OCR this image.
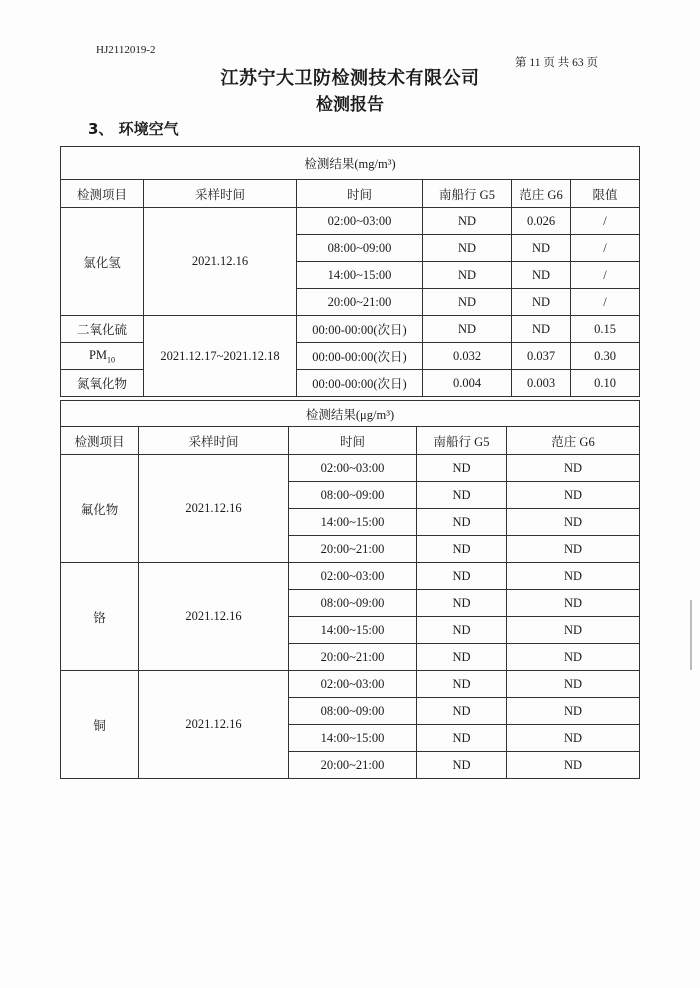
HJ2112019-2
第 11 页 共 63 页
江苏宁大卫防检测技术有限公司
检测报告
3、 环境空气
检测结果(mg/m³)					
检测项目	采样时间	时间	南船行 G5	范庄 G6	限值
氯化氢	2021.12.16	02:00~03:00	ND	0.026	/
		08:00~09:00	ND	ND	/
		14:00~15:00	ND	ND	/
		20:00~21:00	ND	ND	/
二氧化硫	2021.12.17~2021.12.18	00:00-00:00(次日)	ND	ND	0.15
$PM_{10}$		00:00-00:00(次日)	0.032	0.037	0.30
氮氧化物		00:00-00:00(次日)	0.004	0.003	0.10
检测结果(μg/m³)				
检测项目	采样时间	时间	南船行 G5	范庄 G6
氟化物	2021.12.16	02:00~03:00	ND	ND
		08:00~09:00	ND	ND
		14:00~15:00	ND	ND
		20:00~21:00	ND	ND
铬	2021.12.16	02:00~03:00	ND	ND
		08:00~09:00	ND	ND
		14:00~15:00	ND	ND
		20:00~21:00	ND	ND
铜	2021.12.16	02:00~03:00	ND	ND
		08:00~09:00	ND	ND
		14:00~15:00	ND	ND
		20:00~21:00	ND	ND
